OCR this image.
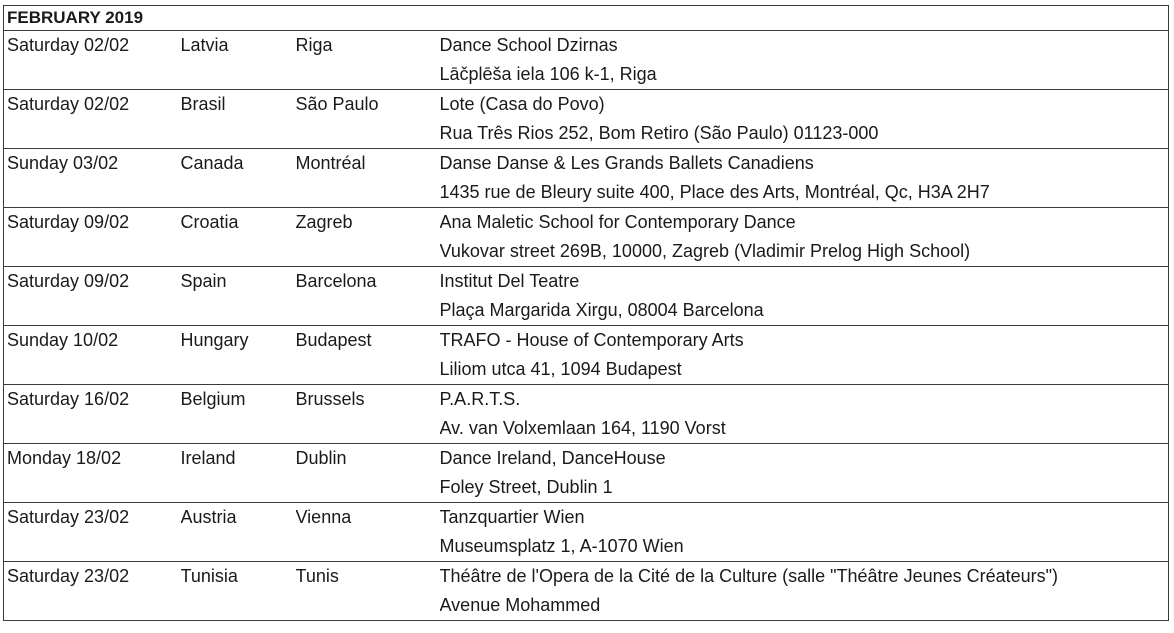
FEBRUARY 2019			

Saturday 02/02	Latvia	Riga	Dance School Dzirnas
Lāčplēša iela 106 k-1, Riga

Saturday 02/02	Brasil	São Paulo	Lote (Casa do Povo)
Rua Três Rios 252, Bom Retiro (São Paulo) 01123-000

Sunday 03/02	Canada	Montréal	Danse Danse & Les Grands Ballets Canadiens
1435 rue de Bleury suite 400, Place des Arts, Montréal, Qc, H3A 2H7

Saturday 09/02	Croatia	Zagreb	Ana Maletic School for Contemporary Dance
Vukovar street 269B, 10000, Zagreb (Vladimir Prelog High School)

Saturday 09/02	Spain	Barcelona	Institut Del Teatre
Plaça Margarida Xirgu, 08004 Barcelona

Sunday 10/02	Hungary	Budapest	TRAFO - House of Contemporary Arts
Liliom utca 41, 1094 Budapest

Saturday 16/02	Belgium	Brussels	P.A.R.T.S.
Av. van Volxemlaan 164, 1190 Vorst

Monday 18/02	Ireland	Dublin	Dance Ireland, DanceHouse
Foley Street, Dublin 1

Saturday 23/02	Austria	Vienna	Tanzquartier Wien
Museumsplatz 1, A-1070 Wien

Saturday 23/02	Tunisia	Tunis	Théâtre de l'Opera de la Cité de la Culture (salle "Théâtre Jeunes Créateurs")
Avenue Mohammed
